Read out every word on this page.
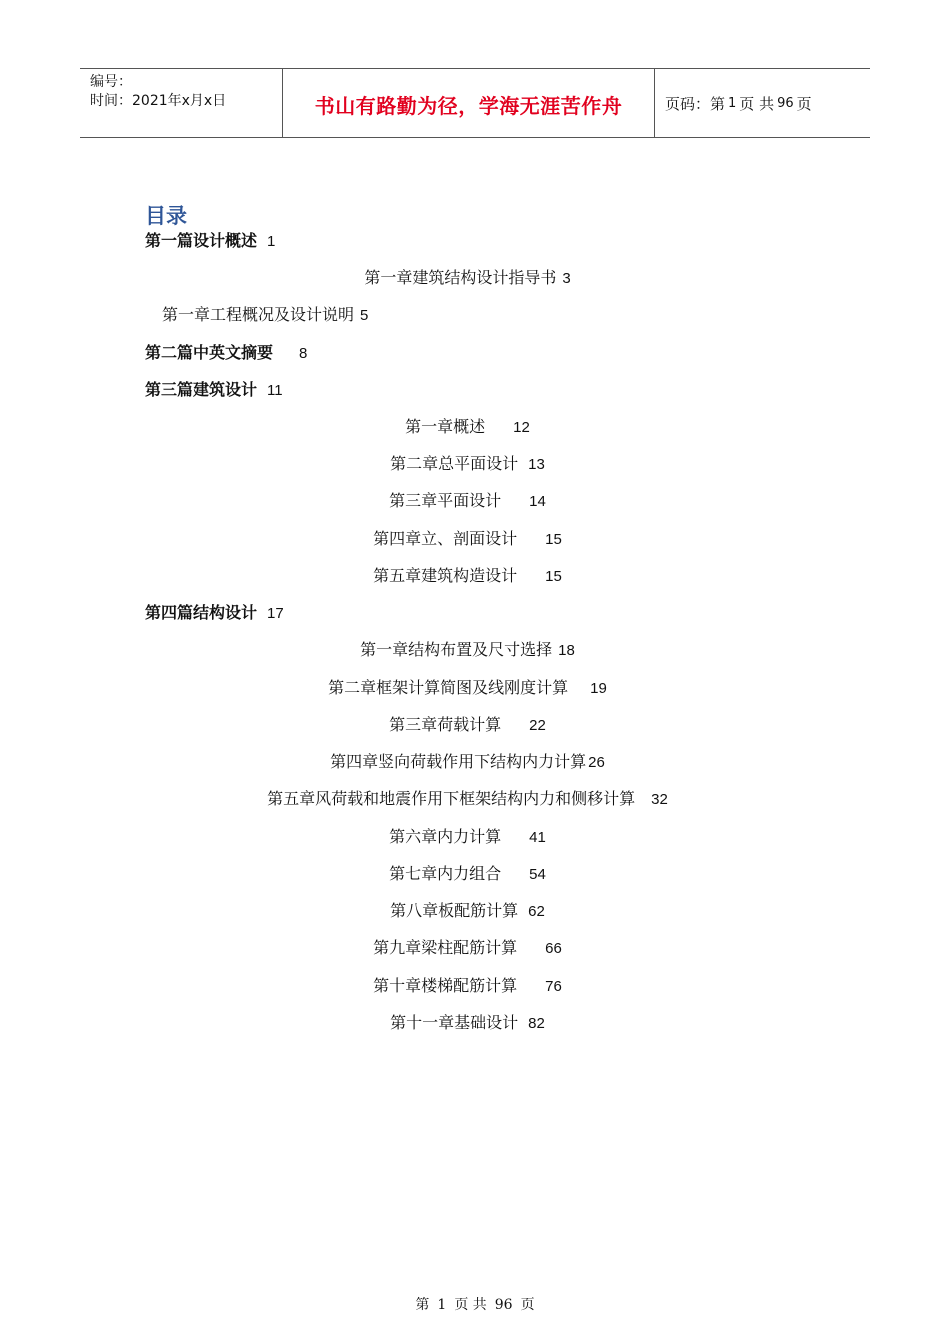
编号：
时间：2021年x月x日	书山有路勤为径，学海无涯苦作舟	页码：第 1 页 共 96 页
目录
第一篇设计概述 1
第一章建筑结构设计指导书 3
第一章工程概况及设计说明 5
第二篇中英文摘要 8
第三篇建筑设计 11
第一章概述 12
第二章总平面设计 13
第三章平面设计 14
第四章立、剖面设计 15
第五章建筑构造设计 15
第四篇结构设计 17
第一章结构布置及尺寸选择 18
第二章框架计算简图及线刚度计算 19
第三章荷载计算 22
第四章竖向荷载作用下结构内力计算 26
第五章风荷载和地震作用下框架结构内力和侧移计算 32
第六章内力计算 41
第七章内力组合 54
第八章板配筋计算 62
第九章梁柱配筋计算 66
第十章楼梯配筋计算 76
第十一章基础设计 82
第 1 页 共 96 页
